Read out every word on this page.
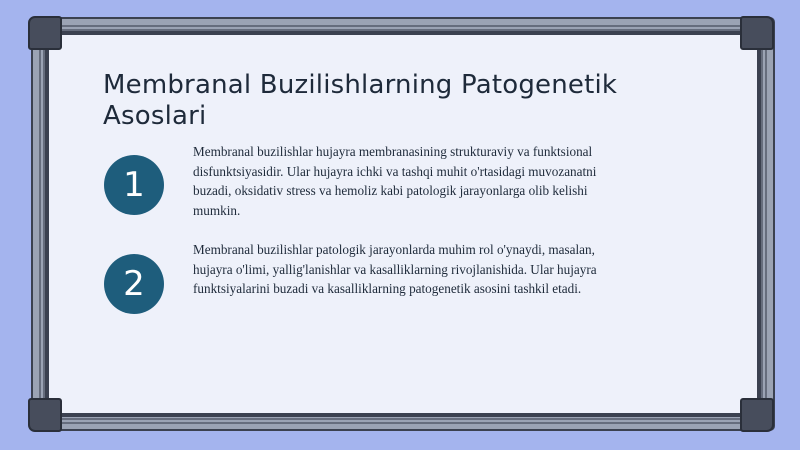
Membranal Buzilishlarning Patogenetik Asoslari
1

Membranal buzilishlar hujayra membranasining strukturaviy va funktsional disfunktsiyasidir. Ular hujayra ichki va tashqi muhit o'rtasidagi muvozanatni buzadi, oksidativ stress va hemoliz kabi patologik jarayonlarga olib kelishi mumkin.

2

Membranal buzilishlar patologik jarayonlarda muhim rol o'ynaydi, masalan, hujayra o'limi, yallig'lanishlar va kasalliklarning rivojlanishida. Ular hujayra funktsiyalarini buzadi va kasalliklarning patogenetik asosini tashkil etadi.
